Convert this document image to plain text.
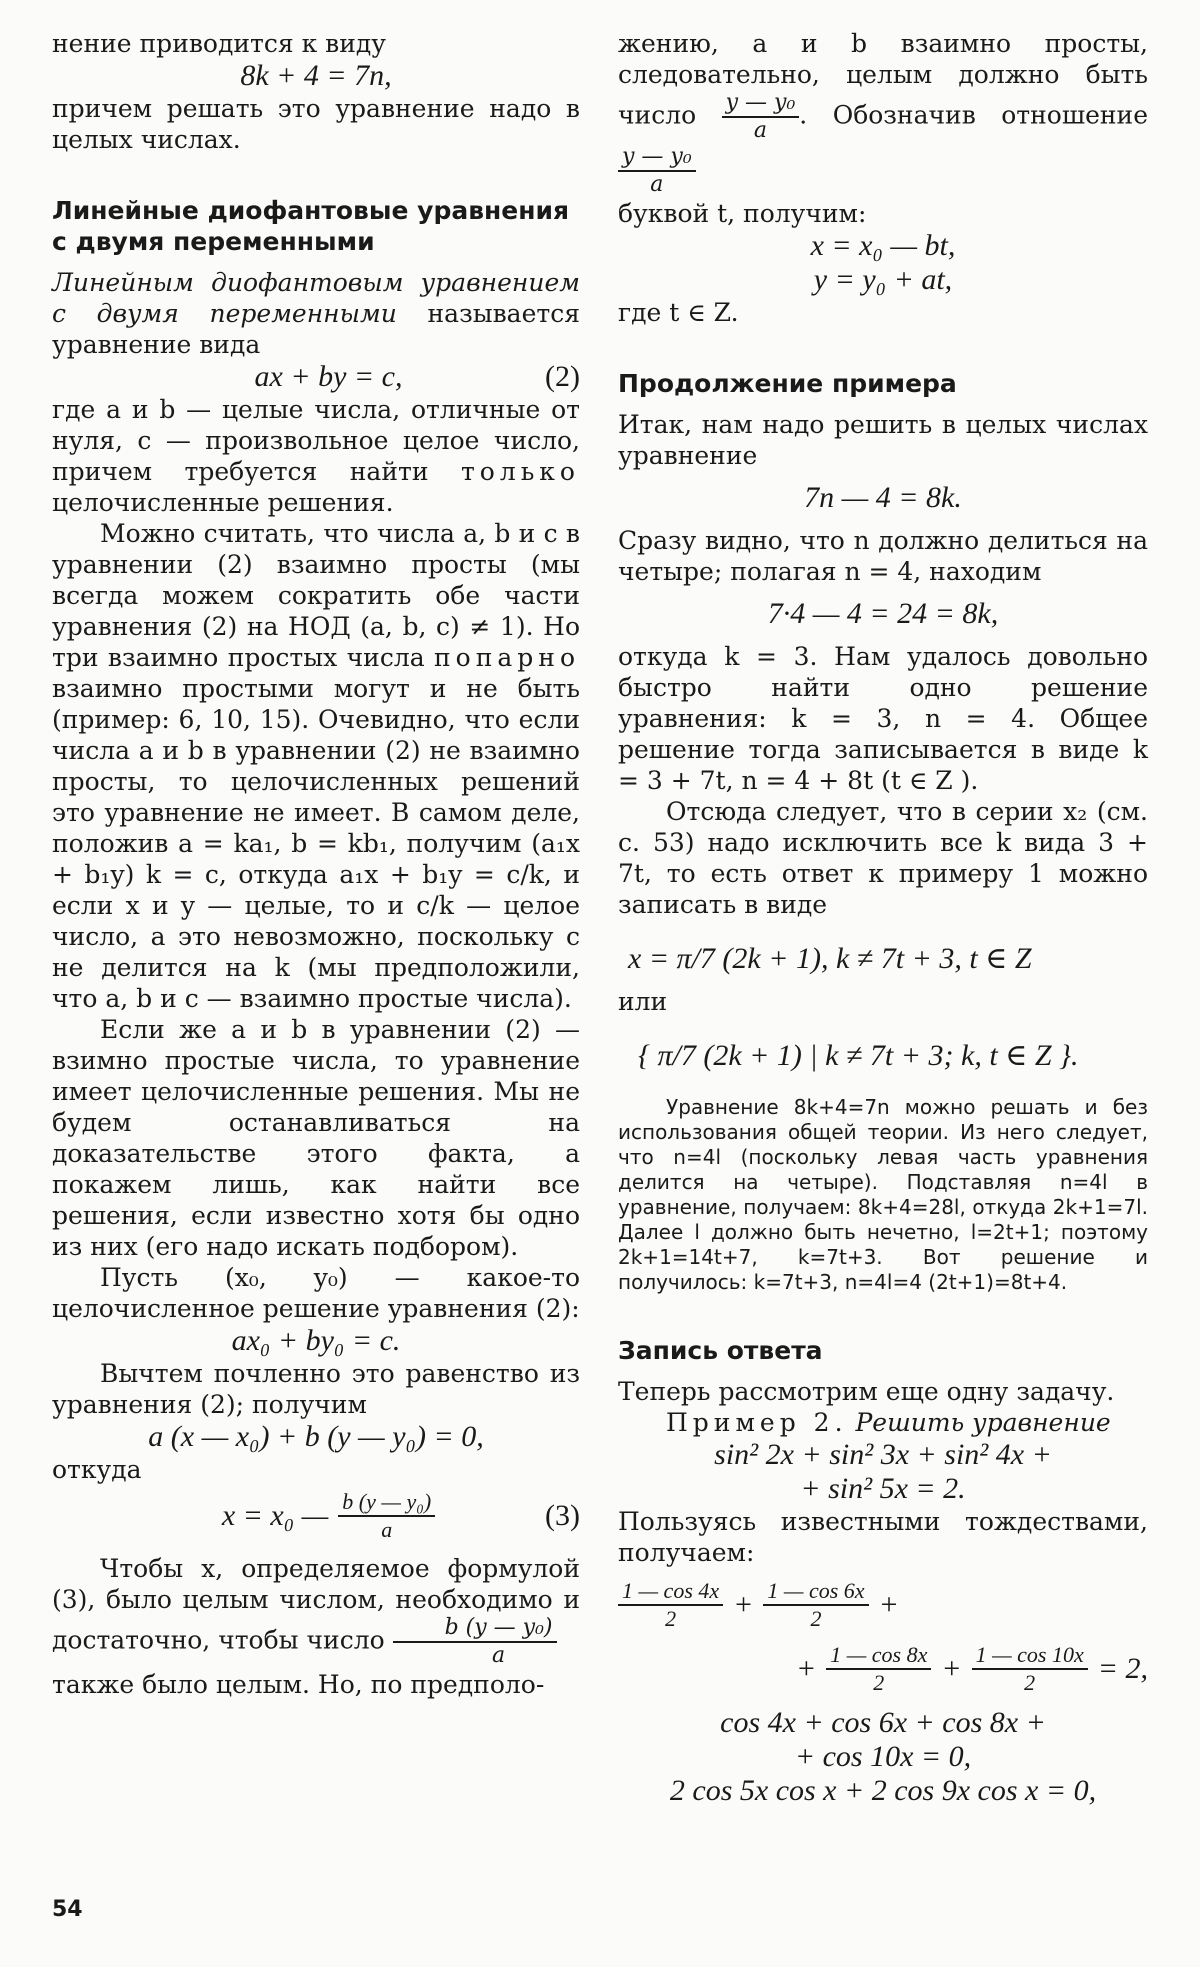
нение приводится к виду

8k + 4 = 7n,

причем решать это уравнение надо в целых числах.

Линейные диофантовые уравнения с двумя переменными

Линейным диофантовым уравнением с двумя переменными называется уравнение вида

ax + by = c,	(2)

где a и b — целые числа, отличные от нуля, c — произвольное целое число, причем требуется найти только целочисленные решения.

Можно считать, что числа a, b и c в уравнении (2) взаимно просты (мы всегда можем сократить обе части уравнения (2) на НОД (a, b, c) ≠ 1). Но три взаимно простых числа попарно взаимно простыми могут и не быть (пример: 6, 10, 15). Очевидно, что если числа a и b в уравнении (2) не взаимно просты, то целочисленных решений это уравнение не имеет. В самом деле, положив a = ka₁, b = kb₁, получим (a₁x + b₁y) k = c, откуда a₁x + b₁y = c/k, и если x и y — целые, то и c/k — целое число, а это невозможно, поскольку c не делится на k (мы предположили, что a, b и c — взаимно простые числа).

Если же a и b в уравнении (2) — взимно простые числа, то уравнение имеет целочисленные решения. Мы не будем останавливаться на доказательстве этого факта, а покажем лишь, как найти все решения, если известно хотя бы одно из них (его надо искать подбором).

Пусть (x₀, y₀) — какое-то целочисленное решение уравнения (2):

ax₀ + by₀ = c.

Вычтем почленно это равенство из уравнения (2); получим

a (x — x₀) + b (y — y₀) = 0,

откуда

x = x₀ — $\frac{\text{b (y — y₀)}}{a}$	(3)

Чтобы x, определяемое формулой (3), было целым числом, необходимо и достаточно, чтобы число $\frac{\text{b (y — y₀)}}{a}$

также было целым. Но, по предполо-

жению, a и b взаимно просты, следовательно, целым должно быть число $\frac{\text{y — y₀}}{a}$ . Обозначив отношение
$\frac{\text{y — y₀}}{a}$

буквой t, получим:

x = x₀ — bt,

y = y₀ + at,

где t ∈ Z.

Продолжение примера

Итак, нам надо решить в целых числах уравнение

7n — 4 = 8k.

Сразу видно, что n должно делиться на четыре; полагая n = 4, находим

7·4 — 4 = 24 = 8k,

откуда k = 3. Нам удалось довольно быстро найти одно решение уравнения: k = 3, n = 4. Общее решение тогда записывается в виде k = 3 + 7t, n = 4 + 8t (t ∈ Z ).

Отсюда следует, что в серии x₂ (см. с. 53) надо исключить все k вида 3 + 7t, то есть ответ к примеру 1 можно записать в виде

x = π/7 (2k + 1), k ≠ 7t + 3, t ∈ Z

или

{ π/7 (2k + 1) | k ≠ 7t + 3; k, t ∈ Z }.

Уравнение 8k+4=7n можно решать и без использования общей теории. Из него следует, что n=4l (поскольку левая часть уравнения делится на четыре). Подставляя n=4l в уравнение, получаем: 8k+4=28l, откуда 2k+1=7l. Далее l должно быть нечетно, l=2t+1; поэтому 2k+1=14t+7, k=7t+3. Вот решение и получилось: k=7t+3, n=4l=4 (2t+1)=8t+4.

Запись ответа

Теперь рассмотрим еще одну задачу.

Пример 2. Решить уравнение

sin² 2x + sin² 3x + sin² 4x +

+ sin² 5x = 2.

Пользуясь известными тождествами, получаем:

$\frac{1 — \cos 4x}{2} + \frac{1 — \cos 6x}{2}$ +
+ $\frac{1 — \cos 8x}{2} + \frac{1 — \cos 10x}{2} = 2$,

cos 4x + cos 6x + cos 8x +

+ cos 10x = 0,

2 cos 5x cos x + 2 cos 9x cos x = 0,

54
